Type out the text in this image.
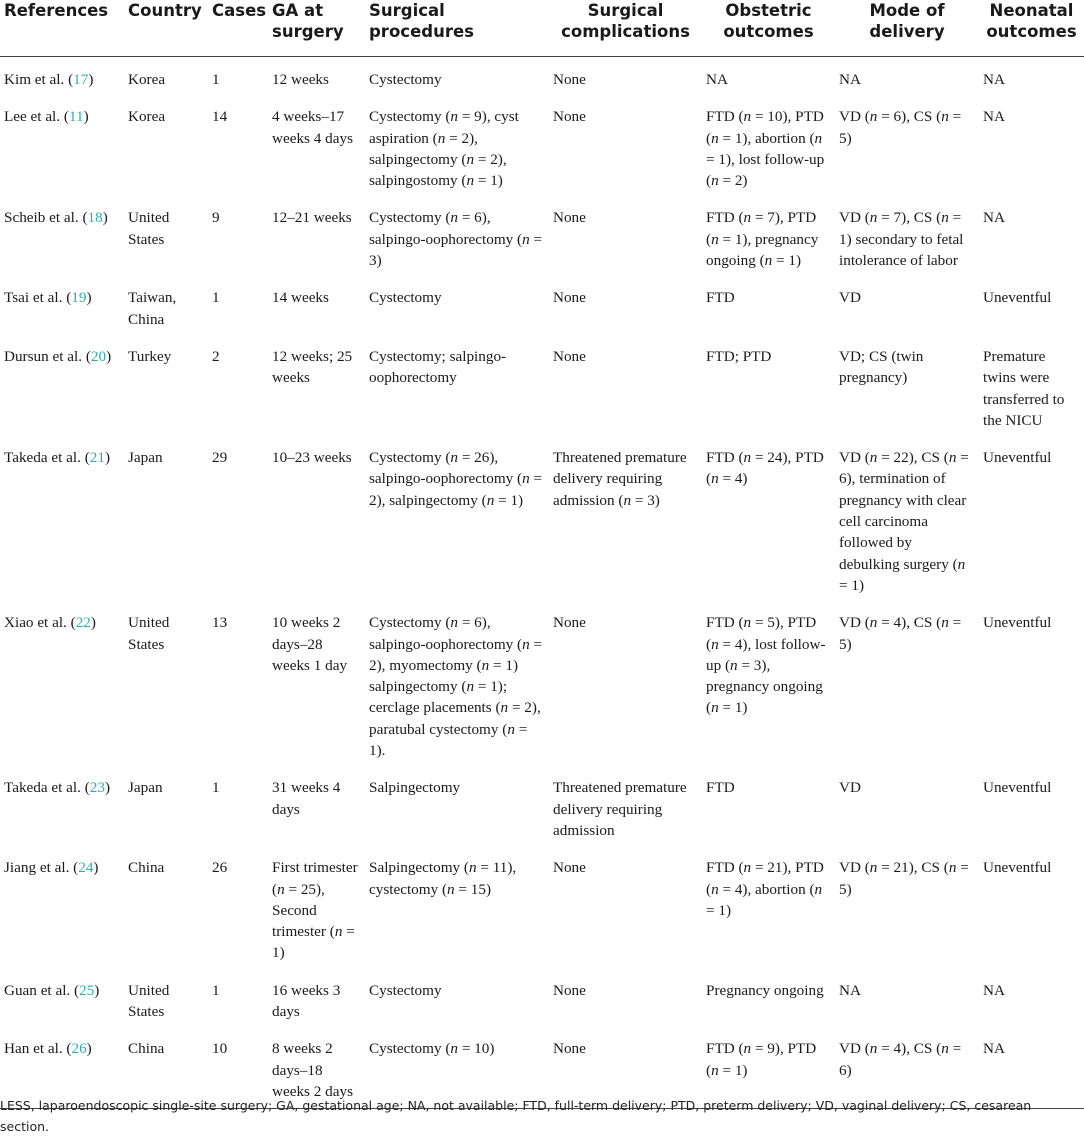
References	Country	Cases	GA at surgery	Surgical procedures	Surgical complications	Obstetric outcomes	Mode of delivery	Neonatal outcomes
Kim et al. (17)	Korea	1	12 weeks	Cystectomy	None	NA	NA	NA
Lee et al. (11)	Korea	14	4 weeks–17 weeks 4 days	Cystectomy (n = 9), cyst aspiration (n = 2), salpingectomy (n = 2), salpingostomy (n = 1)	None	FTD (n = 10), PTD (n = 1), abortion (n = 1), lost follow-up (n = 2)	VD (n = 6), CS (n = 5)	NA
Scheib et al. (18)	United States	9	12–21 weeks	Cystectomy (n = 6), salpingo-oophorectomy (n = 3)	None	FTD (n = 7), PTD (n = 1), pregnancy ongoing (n = 1)	VD (n = 7), CS (n = 1) secondary to fetal intolerance of labor	NA
Tsai et al. (19)	Taiwan, China	1	14 weeks	Cystectomy	None	FTD	VD	Uneventful
Dursun et al. (20)	Turkey	2	12 weeks; 25 weeks	Cystectomy; salpingo-oophorectomy	None	FTD; PTD	VD; CS (twin pregnancy)	Premature twins were transferred to the NICU
Takeda et al. (21)	Japan	29	10–23 weeks	Cystectomy (n = 26), salpingo-oophorectomy (n = 2), salpingectomy (n = 1)	Threatened premature delivery requiring admission (n = 3)	FTD (n = 24), PTD (n = 4)	VD (n = 22), CS (n = 6), termination of pregnancy with clear cell carcinoma followed by debulking surgery (n = 1)	Uneventful
Xiao et al. (22)	United States	13	10 weeks 2 days–28 weeks 1 day	Cystectomy (n = 6), salpingo-oophorectomy (n = 2), myomectomy (n = 1) salpingectomy (n = 1); cerclage placements (n = 2), paratubal cystectomy (n = 1).	None	FTD (n = 5), PTD (n = 4), lost follow-up (n = 3), pregnancy ongoing (n = 1)	VD (n = 4), CS (n = 5)	Uneventful
Takeda et al. (23)	Japan	1	31 weeks 4 days	Salpingectomy	Threatened premature delivery requiring admission	FTD	VD	Uneventful
Jiang et al. (24)	China	26	First trimester (n = 25), Second trimester (n = 1)	Salpingectomy (n = 11), cystectomy (n = 15)	None	FTD (n = 21), PTD (n = 4), abortion (n = 1)	VD (n = 21), CS (n = 5)	Uneventful
Guan et al. (25)	United States	1	16 weeks 3 days	Cystectomy	None	Pregnancy ongoing	NA	NA
Han et al. (26)	China	10	8 weeks 2 days–18 weeks 2 days	Cystectomy (n = 10)	None	FTD (n = 9), PTD (n = 1)	VD (n = 4), CS (n = 6)	NA
LESS, laparoendoscopic single-site surgery; GA, gestational age; NA, not available; FTD, full-term delivery; PTD, preterm delivery; VD, vaginal delivery; CS, cesarean section.
